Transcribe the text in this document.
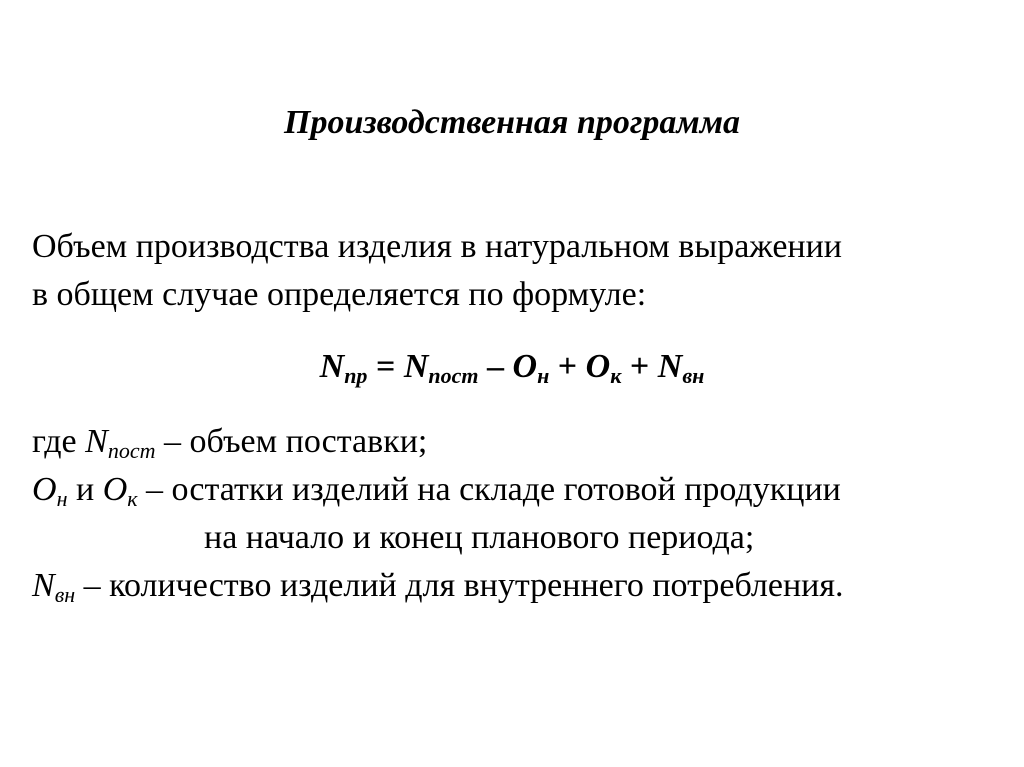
Производственная программа
Объем производства изделия в натуральном выражении
в общем случае определяется по формуле:
$N_{пр} = N_{пост} - О_н + О_к + N_{вн}$
где $N_{пост}$ – объем поставки;
$О_н$ и $О_к$ – остатки изделий на складе готовой продукции
на начало и конец планового периода;
$N_{вн}$ – количество изделий для внутреннего потребления.
